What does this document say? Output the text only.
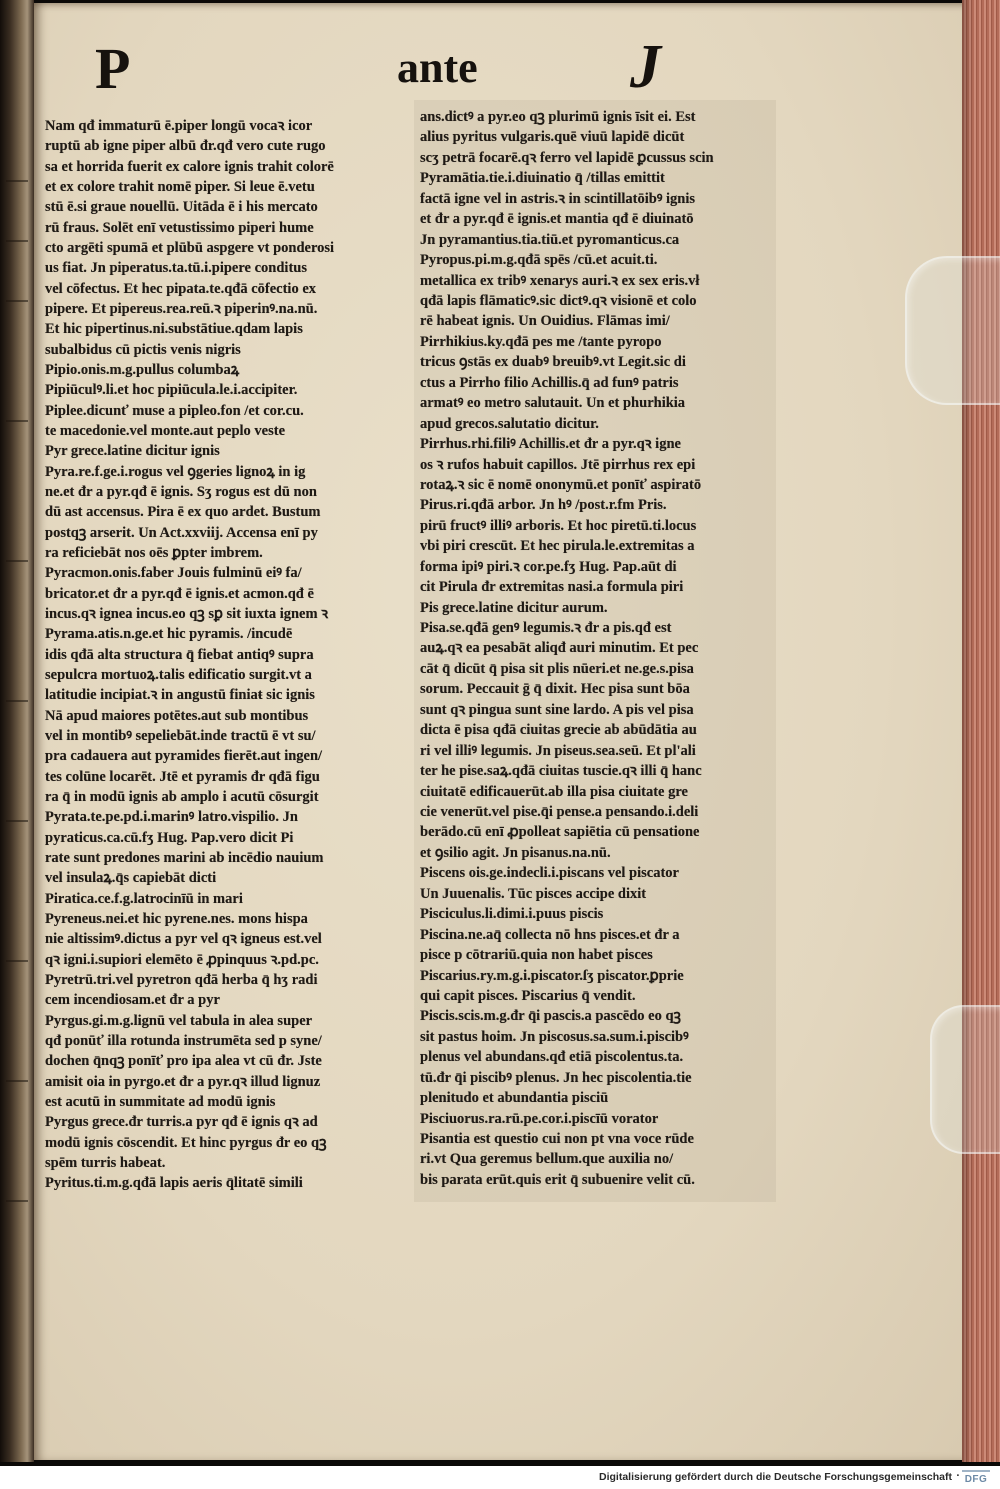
P	ante J
Nam qđ immaturū ē.piper longū vocaꝛ icor
ruptū ab igne piper albū đr.qđ vero cute rugo
sa et horrida fuerit ex calore ignis trahit colorē
et ex colore trahit nomē piper. Si leue ē.vetu
stū ē.si graue nouellū. Uitāda ē i his mercato
rū fraus. Solēt enī vetustissimo piperi hume
cto argēti spumā et plūbū aspgere vt ponderosi
us fiat. Jn piperatus.ta.tū.i.pipere conditus
vel cōfectus. Et hec pipata.te.qđā cōfectio ex
pipere. Et pipereus.rea.reū.ꝛ piperinꝰ.na.nū.
Et hic pipertinus.ni.substātiue.qdam lapis
subalbidus cū pictis venis nigris
Pipio.onis.m.g.pullus columbaꝝ
Pipiūculꝰ.li.et hoc pipiūcula.le.i.accipiter.
Piplee.dicunť muse a pipleo.fon /et cor.cu.
te macedonie.vel monte.aut peplo veste
Pyr grece.latine dicitur ignis
Pyra.re.f.ge.i.rogus vel ꝯgeries lignoꝝ in ig
ne.et đr a pyr.qđ ē ignis. Sʒ rogus est dū non
dū ast accensus. Pira ē ex quo ardet. Bustum
postqꝫ arserit. Un Act.xxviij. Accensa enī py
ra reficiebāt nos oēs ꝑpter imbrem.
Pyracmon.onis.faber Jouis fulminū eiꝰ fa/
bricator.et đr a pyr.qđ ē ignis.et acmon.qđ ē
incus.qꝛ ignea incus.eo qꝫ sꝑ sit iuxta ignem ꝛ
Pyrama.atis.n.ge.et hic pyramis. /incudē
idis qđā alta structura q̄ fiebat antiqꝰ supra
sepulcra mortuoꝝ.talis edificatio surgit.vt a
latitudie incipiat.ꝛ in angustū finiaŧ sic ignis
Nā apud maiores potētes.aut sub montibus
vel in montibꝰ sepeliebāt.inde tractū ē vt su/
pra cadauera aut pyramides fierēt.aut ingen/
tes colūne locarēt. Jtē et pyramis đr qđā figu
ra q̄ in modū ignis ab amplo i acutū cōsurgit
Pyrata.te.pe.pd.i.marinꝰ latro.vispilio. Jn
pyraticus.ca.cū.fʒ Hug. Pap.vero dicit Pi
rate sunt predones marini ab incēdio nauium
vel insulaꝝ.q̄s capiebāt dicti
Piratica.ce.f.g.latrocinīū in mari
Pyreneus.nei.et hic pyrene.nes. mons hispa
nie altissimꝰ.dictus a pyr vel qꝛ igneus est.vel
qꝛ igni.i.supiori elemēto ē ꝓpinquus ꝛ.pd.pc.
Pyretrū.tri.vel pyretron qđā herba q̄ hʒ radi
cem incendiosam.et đr a pyr
Pyrgus.gi.m.g.lignū vel tabula in alea super
qđ ponūť illa rotunda instrumēta sed p syne/
dochen q̄nqꝫ ponīť pro ipa alea vt cū đr. Jste
amisit oia in pyrgo.et đr a pyr.qꝛ illud lignuz
est acutū in summitate ad modū ignis
Pyrgus grece.đr turris.a pyr qđ ē ignis qꝛ ad
modū ignis cōscendit. Et hinc pyrgus đr eo qꝫ
spēm turris habeat.
Pyritus.ti.m.g.qđā lapis aeris q̄litatē simili
ans.dictꝰ a pyr.eo qꝫ plurimū ignis īsit ei. Est
alius pyritus vulgaris.quē viuū lapidē dicūt
scʒ petrā focarē.qꝛ ferro vel lapidē ꝑcussus scin
Pyramātia.tie.i.diuinatio q̄ /tillas emittit
factā igne vel in astris.ꝛ in scintillatōibꝰ ignis
et đr a pyr.qđ ē ignis.et mantia qđ ē diuinatō
Jn pyramantius.tia.tiū.et pyromanticus.ca
Pyropus.pi.m.g.qđā spēs /cū.et acuit.ti.
metallica ex tribꝰ xenarys auri.ꝛ ex sex eris.vł
qđā lapis flāmaticꝰ.sic dictꝰ.qꝛ visionē et colo
rē habeat ignis. Un Ouidius. Flāmas imi/
Pirrhikius.ky.qđā pes me /tante pyropo
tricus ꝯstās ex duabꝰ breuibꝰ.vt Legit.sic di
ctus a Pirrho filio Achillis.q̄ ad funꝰ patris
armatꝰ eo metro salutauit. Un et phurhikia
apud grecos.salutatio dicitur.
Pirrhus.rhi.filiꝰ Achillis.et đr a pyr.qꝛ igne
os ꝛ rufos habuit capillos. Jtē pirrhus rex epi
rotaꝝ.ꝛ sic ē nomē ononymū.et ponīť aspiratō
Pirus.ri.qđā arbor. Jn hꝰ /post.r.fm Pris.
pirū fructꝰ illiꝰ arboris. Et hoc piretū.ti.locus
vbi piri crescūt. Et hec pirula.le.extremitas a
forma ipiꝰ piri.ꝛ cor.pe.fʒ Hug. Pap.aūt di
cit Pirula đr extremitas nasi.a formula piri
Pis grece.latine dicitur aurum.
Pisa.se.qđā genꝰ legumis.ꝛ đr a pis.qđ est
auꝝ.qꝛ ea pesabāt aliqđ auri minutim. Et pec
cāt q̄ dicūt q̄ pisa sit plis nūeri.et ne.ge.s.pisa
sorum. Peccauit ḡ q̄ dixit. Hec pisa sunt bōa
sunt qꝛ pingua sunt sine lardo. A pis vel pisa
dicta ē pisa qđā ciuitas grecie ab abūdātia au
ri vel illiꝰ legumis. Jn piseus.sea.seū. Et pl'ali
ter he pise.saꝝ.qđā ciuitas tuscie.qꝛ illi q̄ hanc
ciuitatē edificauerūt.ab illa pisa ciuitate gre
cie venerūt.vel pise.q̄i pense.a pensando.i.deli
berādo.cū enī ꝓpolleat sapiētia cū pensatione
et ꝯsilio agit. Jn pisanus.na.nū.
Piscens ois.ge.indecli.i.piscans vel piscator
Un Juuenalis. Tūc pisces accipe dixit
Pisciculus.li.dimi.i.puus piscis
Piscina.ne.aq̄ collecta nō hns pisces.et đr a
pisce p cōtrariū.quia non habet pisces
Piscarius.ry.m.g.i.piscator.ſʒ piscator.ꝑprie
qui capit pisces. Piscarius q̄ vendit.
Piscis.scis.m.g.đr q̄i pascis.a pascēdo eo qꝫ
sit pastus hoim. Jn piscosus.sa.sum.i.piscibꝰ
plenus vel abundans.qđ etiā piscolentus.ta.
tū.đr q̄i piscibꝰ plenus. Jn hec piscolentia.tie
plenitudo et abundantia pisciū
Pisciuorus.ra.rū.pe.cor.i.piscīū vorator
Pisantia est questio cui non pt vna voce rūde
ri.vt Qua geremus bellum.que auxilia no/
bis parata erūt.quis erit q̄ subuenire velit cū.
Digitalisierung gefördert durch die Deutsche Forschungsgemeinschaft · DFG
